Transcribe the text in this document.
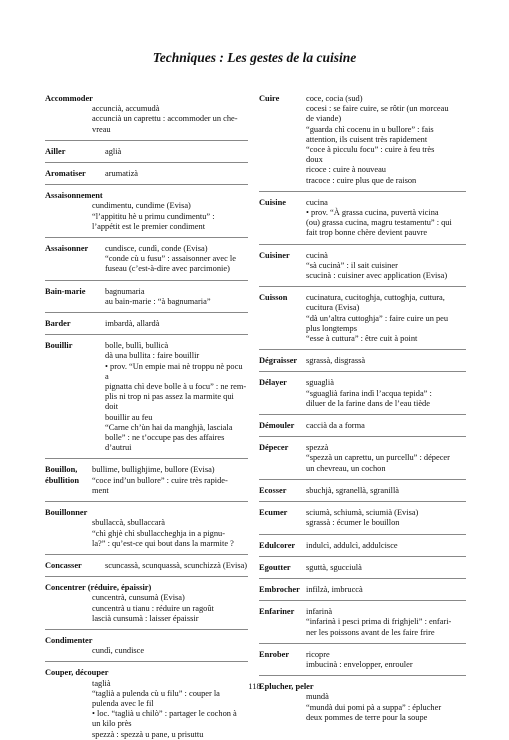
Techniques : Les gestes de la cuisine
Accommoder
accuncià, accumudà
accuncià un caprettu : accommoder un che-
vreau
Ailler	aglià
Aromatiser	arumatizà
Assaisonnement
cundimentu, cundime (Evisa)
“l’appititu hè u primu cundimentu” :
l’appétit est le premier condiment
Assaisonner	cundisce, cundì, conde (Evisa)
“conde cù u fusu” : assaisonner avec le
fuseau (c’est-à-dire avec parcimonie)
Bain-marie	bagnumaria
au bain-marie : “à bagnumaria”
Barder	imbardà, allardà
Bouillir	bolle, bullì, bullicà
dà una bullita : faire bouillir
• prov. “Un empie mai nè troppu nè pocu a
pignatta chì deve bolle à u focu” : ne rem-
plis ni trop ni pas assez la marmite qui doit
bouillir au feu
“Carne ch’ùn hai da manghjà, lasciala
bolle” : ne t’occupe pas des affaires
d’autrui
Bouillon, ébullition
bullime, bullighjime, bullore (Evisa)
“coce ind’un bullore” : cuire très rapide-
ment
Bouillonner
sbullaccà, sbullaccarà
“chì ghjè chì sbullaccheghja in a pignu-
la?” : qu’est-ce qui bout dans la marmite ?
Concasser	scuncassà, scunquassà, scunchizzà (Evisa)
Concentrer (réduire, épaissir)
cuncentrà, cunsumà (Evisa)
cuncentrà u tianu : réduire un ragoût
lascià cunsumà : laisser épaissir
Condimenter
cundì, cundisce
Couper, découper
taglià
“taglià a pulenda cù u filu” : couper la
pulenda avec le fil
• loc. “taglià u chilò” : partager le cochon à
un kilo près
spezzà : spezzà u pane, u prisuttu
Cuire	coce, cocia (sud)
cocesi : se faire cuire, se rôtir (un morceau
de viande)
“guarda chì cocenu in u bullore” : fais
attention, ils cuisent très rapidement
“coce à picculu focu” : cuire à feu très
doux
ricoce : cuire à nouveau
tracoce : cuire plus que de raison
Cuisine	cucina
• prov. “À grassa cucina, puvertà vicina
(ou) grassa cucina, magru testamentu” : qui
fait trop bonne chère devient pauvre
Cuisiner	cucinà
“sà cucinà” : il sait cuisiner
scucinà : cuisiner avec application (Evisa)
Cuisson	cucinatura, cucitoghja, cuttoghja, cuttura,
cucitura (Evisa)
“dà un’altra cuttoghja” : faire cuire un peu
plus longtemps
“esse à cuttura” : être cuit à point
Dégraisser	sgrassà, disgrassà
Délayer	sguaglià
“sguaglià farina indì l’acqua tepida” :
diluer de la farine dans de l’eau tiède
Démouler	caccià da a forma
Dépecer	spezzà
“spezzà un caprettu, un purcellu” : dépecer
un chevreau, un cochon
Ecosser	sbuchjà, sgranellà, sgranillà
Ecumer	sciumà, schiumà, sciumià (Evisa)
sgrassà : écumer le bouillon
Edulcorer	indulcì, addulcì, addulcisce
Egoutter	sguttà, sgucciulà
Embrocher infilzà, imbruccà
Enfariner	infarinà
“infarinà i pesci prima di frighjeli” : enfari-
ner les poissons avant de les faire frire
Enrober	ricopre
imbucinà : envelopper, enrouler
Eplucher, peler
mundà
“mundà dui pomi pà a suppa” : éplucher
deux pommes de terre pour la soupe
118
